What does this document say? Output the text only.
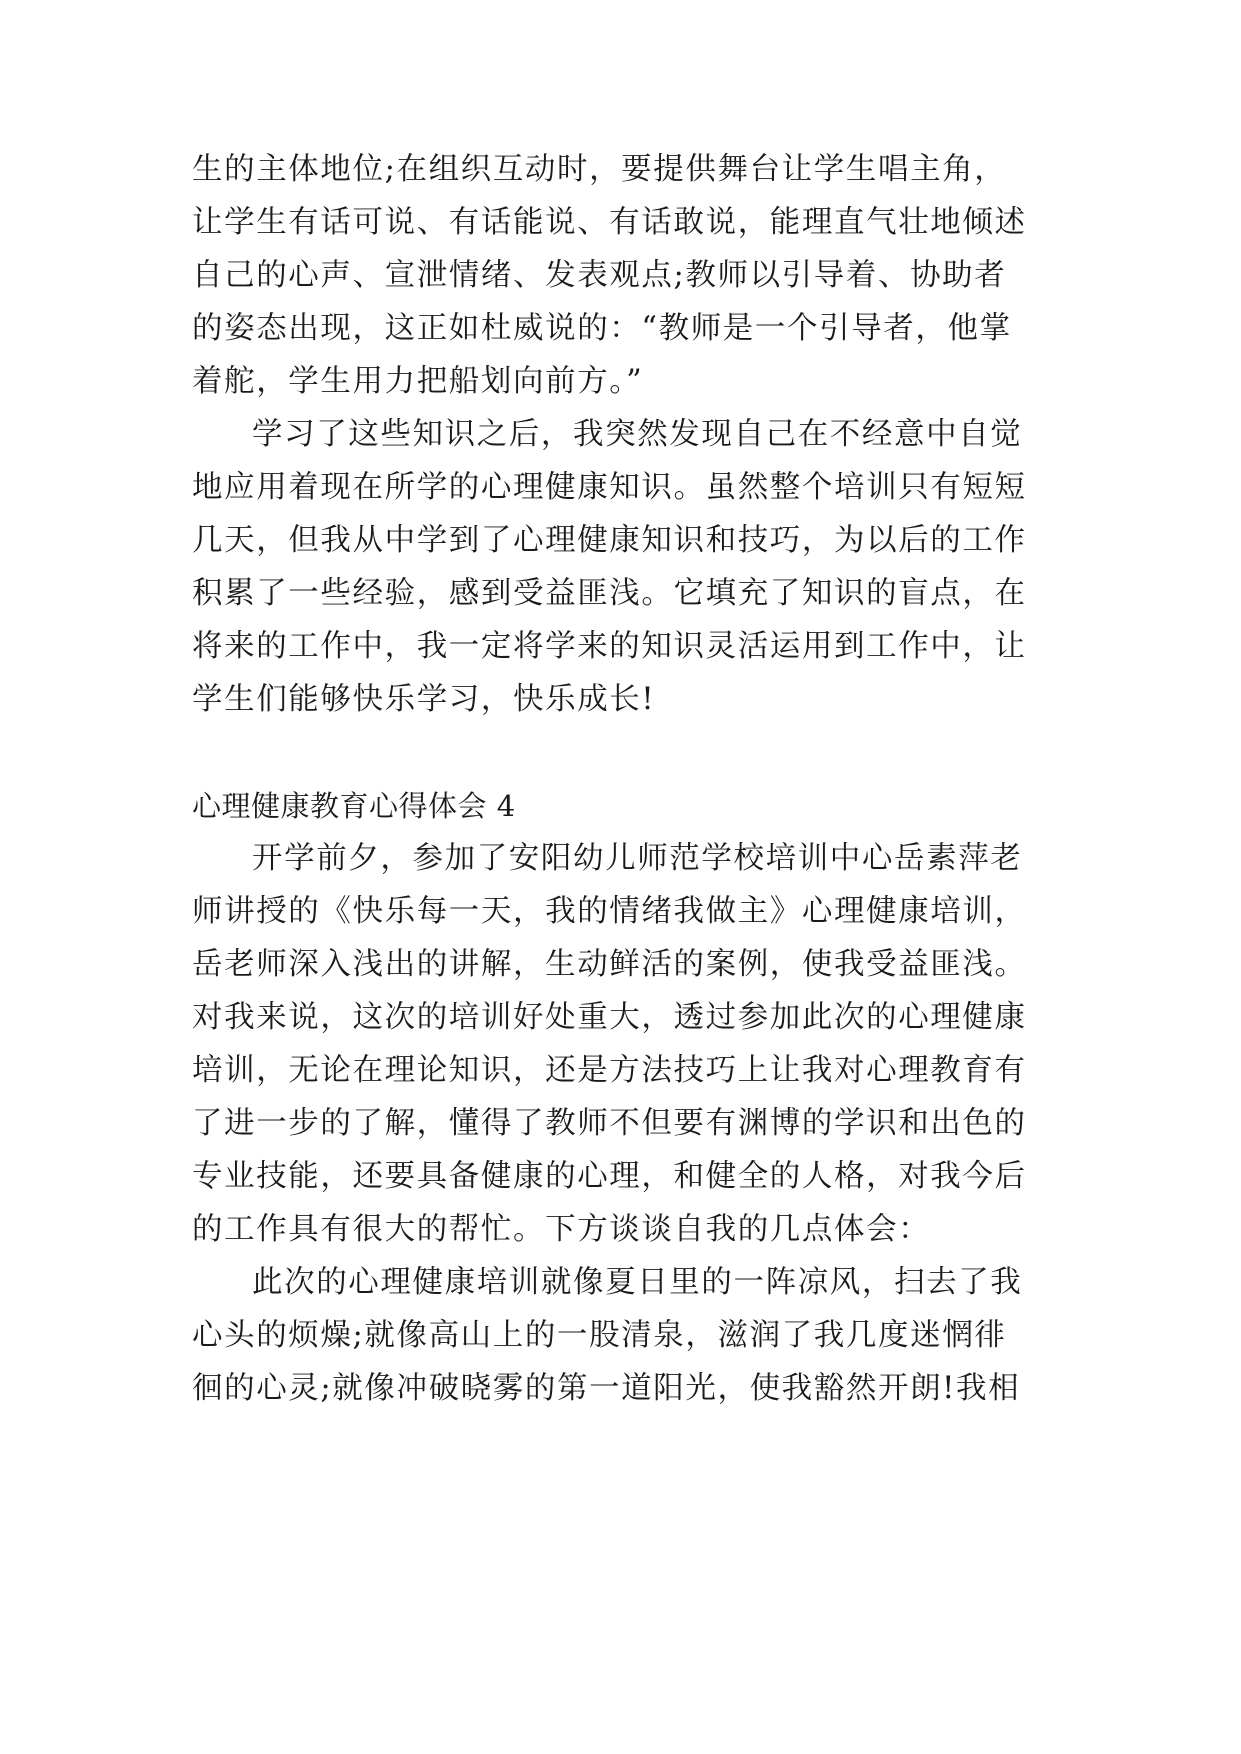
生的主体地位;在组织互动时，要提供舞台让学生唱主角，
让学生有话可说、有话能说、有话敢说，能理直气壮地倾述
自己的心声、宣泄情绪、发表观点;教师以引导着、协助者
的姿态出现，这正如杜威说的：“教师是一个引导者，他掌
着舵，学生用力把船划向前方。”
学习了这些知识之后，我突然发现自己在不经意中自觉
地应用着现在所学的心理健康知识。虽然整个培训只有短短
几天，但我从中学到了心理健康知识和技巧，为以后的工作
积累了一些经验，感到受益匪浅。它填充了知识的盲点，在
将来的工作中，我一定将学来的知识灵活运用到工作中，让
学生们能够快乐学习，快乐成长!
心理健康教育心得体会 4
开学前夕，参加了安阳幼儿师范学校培训中心岳素萍老
师讲授的《快乐每一天，我的情绪我做主》心理健康培训，
岳老师深入浅出的讲解，生动鲜活的案例，使我受益匪浅。
对我来说，这次的培训好处重大，透过参加此次的心理健康
培训，无论在理论知识，还是方法技巧上让我对心理教育有
了进一步的了解，懂得了教师不但要有渊博的学识和出色的
专业技能，还要具备健康的心理，和健全的人格，对我今后
的工作具有很大的帮忙。下方谈谈自我的几点体会：
此次的心理健康培训就像夏日里的一阵凉风，扫去了我
心头的烦燥;就像高山上的一股清泉，滋润了我几度迷惘徘
徊的心灵;就像冲破晓雾的第一道阳光，使我豁然开朗!我相
